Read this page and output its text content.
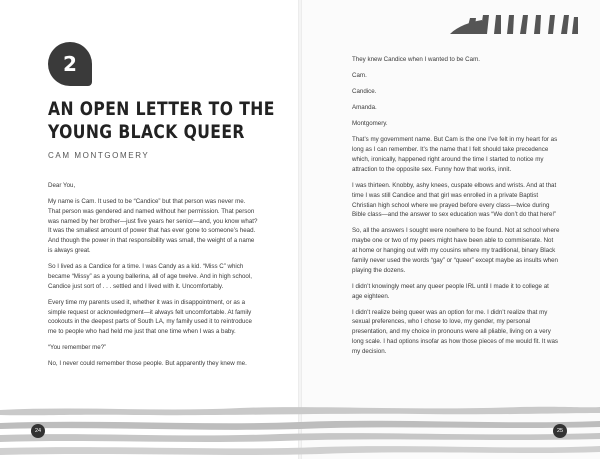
2
AN OPEN LETTER TO THE
YOUNG BLACK QUEER
CAM MONTGOMERY

Dear You,

My name is Cam. It used to be “Candice” but that person was never me. That person was gendered and named without her permission. That person was named by her brother—just five years her senior—and, you know what? It was the smallest amount of power that has ever gone to someone’s head. And though the power in that responsibility was small, the weight of a name is always great.

So I lived as a Candice for a time. I was Candy as a kid. “Miss C” which became “Missy” as a young ballerina, all of age twelve. And in high school, Candice just sort of . . . settled and I lived with it. Uncomfortably.

Every time my parents used it, whether it was in disappointment, or as a simple request or acknowledgment—it always felt uncomfortable. At family cookouts in the deepest parts of South LA, my family used it to reintroduce me to people who had held me just that one time when I was a baby.

“You remember me?”

No, I never could remember those people. But apparently they knew me.

They knew Candice when I wanted to be Cam.

Cam.

Candice.

Amanda.

Montgomery.

That’s my government name. But Cam is the one I’ve felt in my heart for as long as I can remember. It’s the name that I felt should take precedence which, ironically, happened right around the time I started to notice my attraction to the opposite sex. Funny how that works, innit.

I was thirteen. Knobby, ashy knees, cuspate elbows and wrists. And at that time I was still Candice and that girl was enrolled in a private Baptist Christian high school where we prayed before every class—twice during Bible class—and the answer to sex education was “We don’t do that here!”

So, all the answers I sought were nowhere to be found. Not at school where maybe one or two of my peers might have been able to commiserate. Not at home or hanging out with my cousins where my traditional, binary Black family never used the words “gay” or “queer” except maybe as insults when playing the dozens.

I didn’t knowingly meet any queer people IRL until I made it to college at age eighteen.

I didn’t realize being queer was an option for me. I didn’t realize that my sexual preferences, who I chose to love, my gender, my personal presentation, and my choice in pronouns were all pliable, living on a very long scale. I had options insofar as how those pieces of me would fit. It was my decision.

24	25
